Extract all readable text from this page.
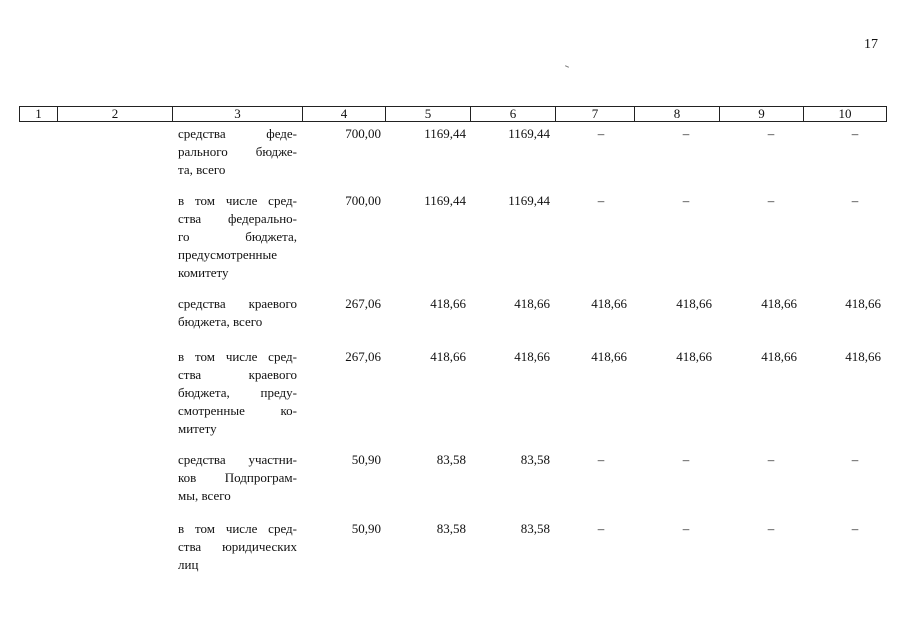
17
1	2	3	4	5	6	7	8	9	10
средства феде-
рального бюдже-
та, всего
700,00	1169,44	1169,44	–	–	–	–
в том числе сред-
ства федерально-
го бюджета,
предусмотренные
комитету
700,00	1169,44	1169,44	–	–	–	–
средства краевого
бюджета, всего
267,06	418,66	418,66	418,66	418,66	418,66	418,66
в том числе сред-
ства краевого
бюджета, преду-
смотренные ко-
митету
267,06	418,66	418,66	418,66	418,66	418,66	418,66
средства участни-
ков Подпрограм-
мы, всего
50,90	83,58	83,58	–	–	–	–
в том числе сред-
ства юридических
лиц
50,90	83,58	83,58	–	–	–	–
